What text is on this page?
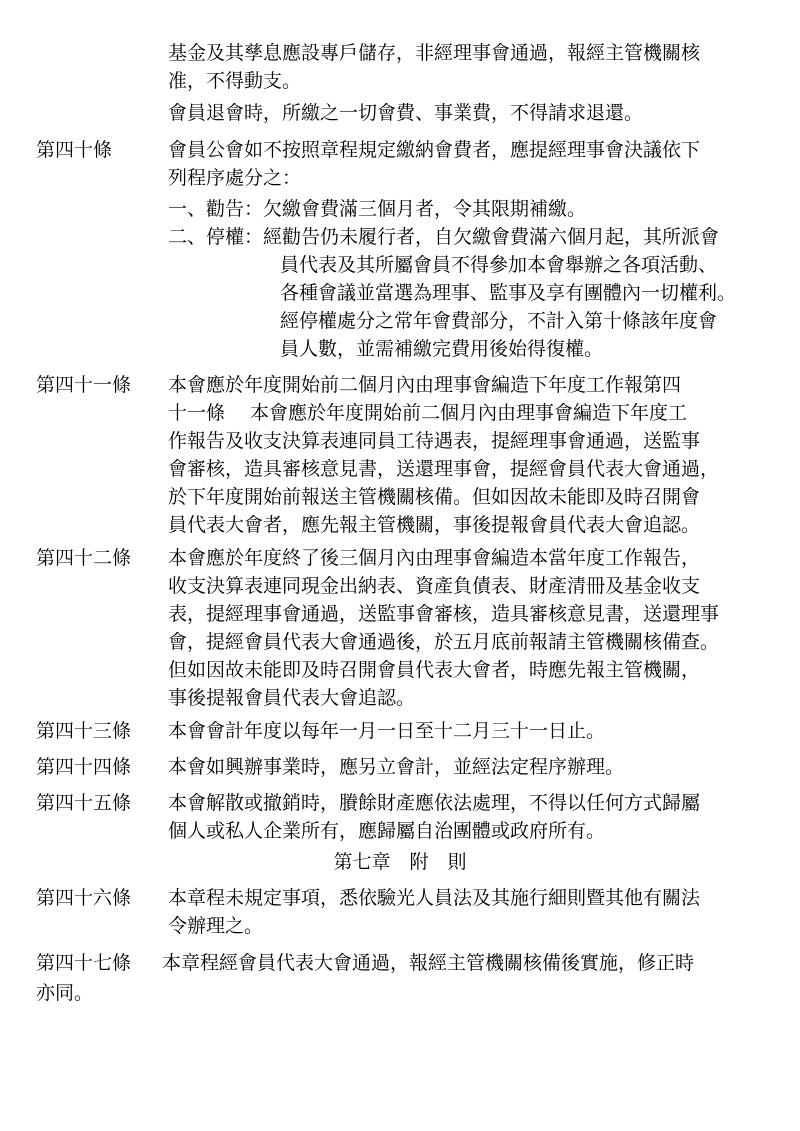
基金及其孳息應設專戶儲存，非經理事會通過，報經主管機關核
准，不得動支。
會員退會時，所繳之一切會費、事業費，不得請求退還。
第四十條	會員公會如不按照章程規定繳納會費者，應提經理事會決議依下
列程序處分之：
一、勸告：欠繳會費滿三個月者，令其限期補繳。
二、停權：經勸告仍未履行者，自欠繳會費滿六個月起，其所派會
員代表及其所屬會員不得參加本會舉辦之各項活動、
各種會議並當選為理事、監事及享有團體內一切權利。
經停權處分之常年會費部分，不計入第十條該年度會
員人數，並需補繳完費用後始得復權。
第四十一條 本會應於年度開始前二個月內由理事會編造下年度工作報第四
十一條　 本會應於年度開始前二個月內由理事會編造下年度工
作報告及收支決算表連同員工待遇表，提經理事會通過，送監事
會審核，造具審核意見書，送還理事會，提經會員代表大會通過，
於下年度開始前報送主管機關核備。但如因故未能即及時召開會
員代表大會者，應先報主管機關，事後提報會員代表大會追認。
第四十二條 本會應於年度終了後三個月內由理事會編造本當年度工作報告，
收支決算表連同現金出納表、資產負債表、財產清冊及基金收支
表，提經理事會通過，送監事會審核，造具審核意見書，送還理事
會，提經會員代表大會通過後，於五月底前報請主管機關核備查。
但如因故未能即及時召開會員代表大會者，時應先報主管機關，
事後提報會員代表大會追認。
第四十三條 本會會計年度以每年一月一日至十二月三十一日止。
第四十四條 本會如興辦事業時，應另立會計，並經法定程序辦理。
第四十五條 本會解散或撤銷時，賸餘財產應依法處理，不得以任何方式歸屬
個人或私人企業所有，應歸屬自治團體或政府所有。
第七章　附　則
第四十六條 本章程未規定事項，悉依驗光人員法及其施行細則暨其他有關法
令辦理之。
第四十七條 本章程經會員代表大會通過，報經主管機關核備後實施，修正時
亦同。
